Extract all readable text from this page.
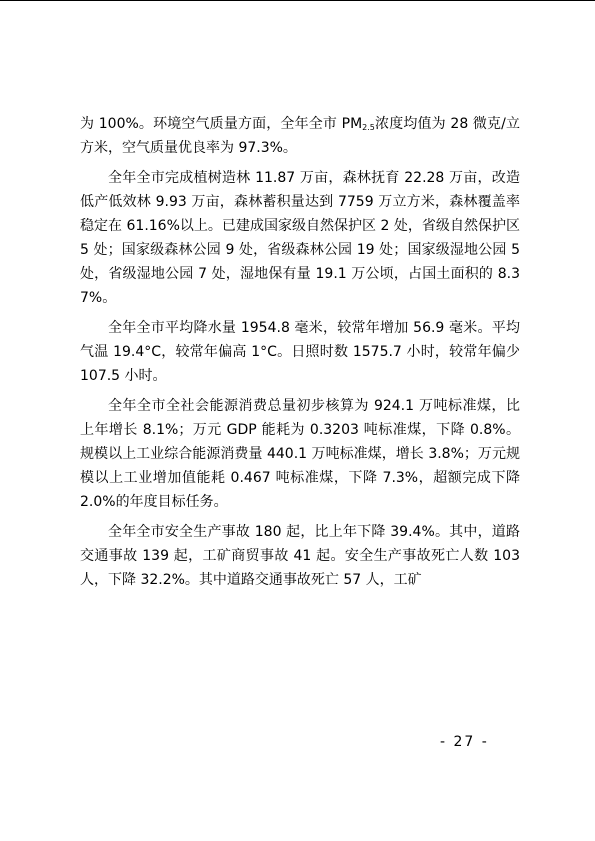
为 100%。环境空气质量方面，全年全市 $PM_{2.5}$浓度均值为 28 微克/立方米，空气质量优良率为 97.3%。

全年全市完成植树造林 11.87 万亩，森林抚育 22.28 万亩，改造低产低效林 9.93 万亩，森林蓄积量达到 7759 万立方米，森林覆盖率稳定在 61.16%以上。已建成国家级自然保护区 2 处，省级自然保护区 5 处；国家级森林公园 9 处，省级森林公园 19 处；国家级湿地公园 5 处，省级湿地公园 7 处，湿地保有量 19.1 万公顷，占国土面积的 8.37%。

全年全市平均降水量 1954.8 毫米，较常年增加 56.9 毫米。平均气温 19.4°C，较常年偏高 1°C。日照时数 1575.7 小时，较常年偏少 107.5 小时。

全年全市全社会能源消费总量初步核算为 924.1 万吨标准煤，比上年增长 8.1%；万元 GDP 能耗为 0.3203 吨标准煤，下降 0.8%。规模以上工业综合能源消费量 440.1 万吨标准煤，增长 3.8%；万元规模以上工业增加值能耗 0.467 吨标准煤，下降 7.3%，超额完成下降 2.0%的年度目标任务。

全年全市安全生产事故 180 起，比上年下降 39.4%。其中，道路交通事故 139 起，工矿商贸事故 41 起。安全生产事故死亡人数 103 人，下降 32.2%。其中道路交通事故死亡 57 人，工矿

- 27 -
